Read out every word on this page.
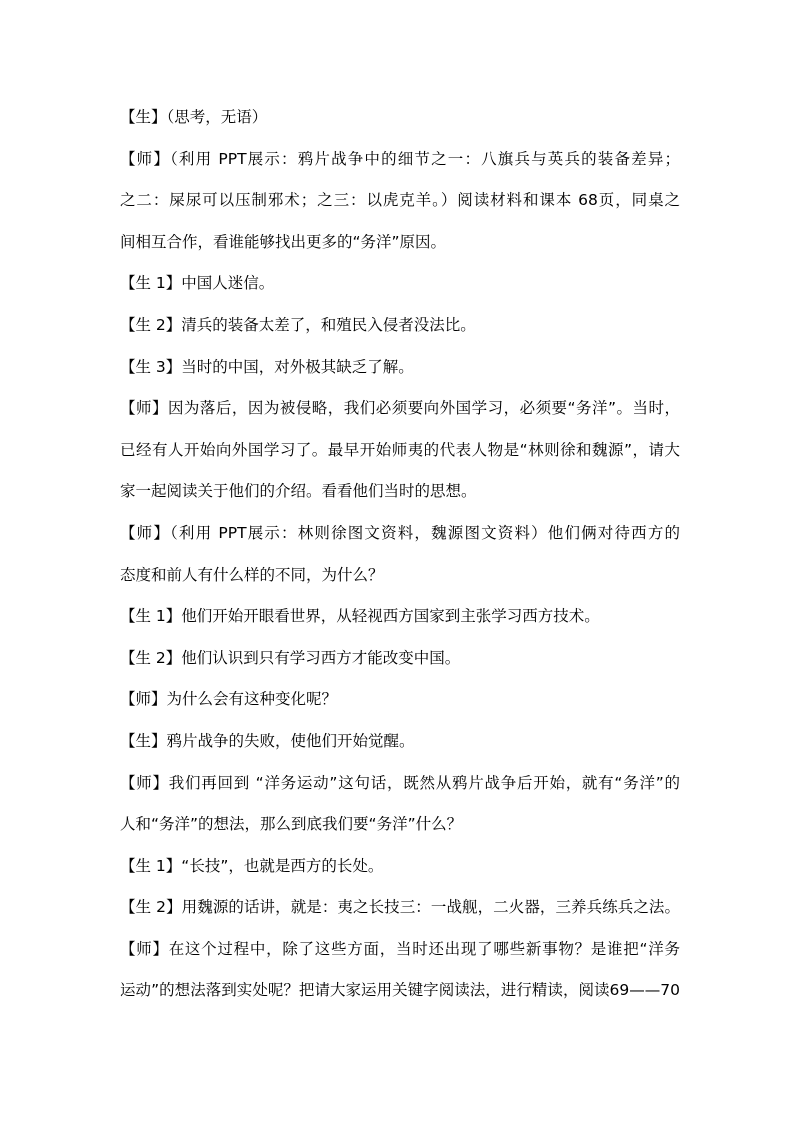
【生】（思考，无语）
【师】（利用 PPT展示：鸦片战争中的细节之一：八旗兵与英兵的装备差异；
之二：屎尿可以压制邪术；之三：以虎克羊。）阅读材料和课本 68页，同桌之
间相互合作，看谁能够找出更多的“务洋”原因。
【生 1】中国人迷信。
【生 2】清兵的装备太差了，和殖民入侵者没法比。
【生 3】当时的中国，对外极其缺乏了解。
【师】因为落后，因为被侵略，我们必须要向外国学习，必须要“务洋”。当时，
已经有人开始向外国学习了。最早开始师夷的代表人物是“林则徐和魏源”，请大
家一起阅读关于他们的介绍。看看他们当时的思想。
【师】（利用 PPT展示：林则徐图文资料，魏源图文资料）他们俩对待西方的
态度和前人有什么样的不同，为什么？
【生 1】他们开始开眼看世界，从轻视西方国家到主张学习西方技术。
【生 2】他们认识到只有学习西方才能改变中国。
【师】为什么会有这种变化呢？
【生】鸦片战争的失败，使他们开始觉醒。
【师】我们再回到 “洋务运动”这句话，既然从鸦片战争后开始，就有“务洋”的
人和“务洋”的想法，那么到底我们要“务洋”什么？
【生 1】“长技”，也就是西方的长处。
【生 2】用魏源的话讲，就是：夷之长技三：一战舰，二火器，三养兵练兵之法。
【师】在这个过程中，除了这些方面，当时还出现了哪些新事物？是谁把“洋务
运动”的想法落到实处呢？把请大家运用关键字阅读法，进行精读，阅读69——70
